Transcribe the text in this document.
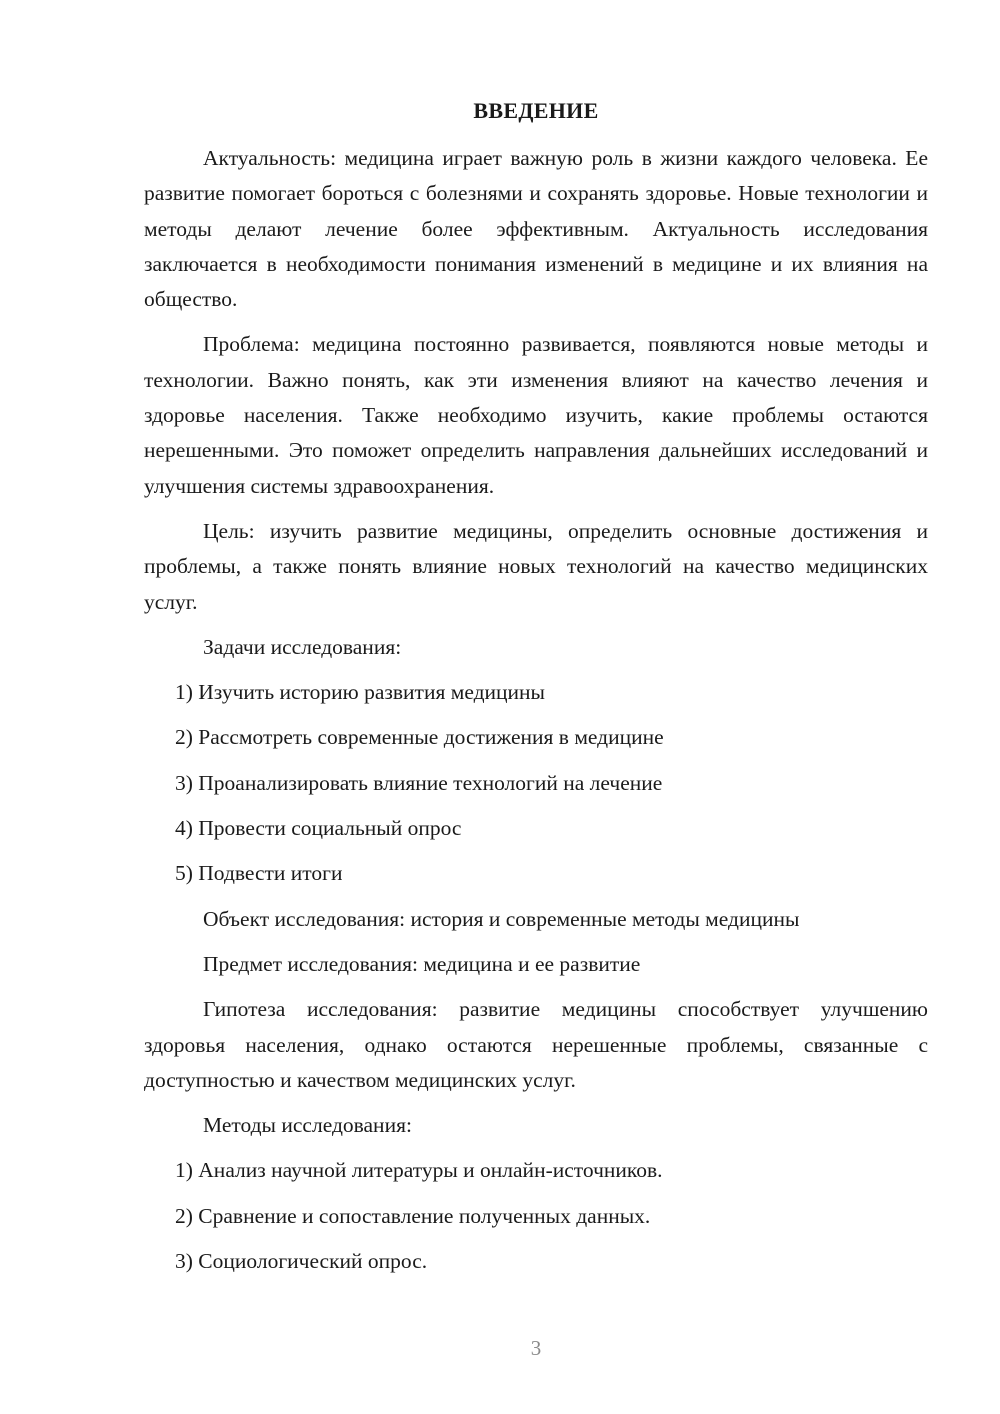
ВВЕДЕНИЕ

Актуальность: медицина играет важную роль в жизни каждого человека. Ее развитие помогает бороться с болезнями и сохранять здоровье. Новые технологии и методы делают лечение более эффективным. Актуальность исследования заключается в необходимости понимания изменений в медицине и их влияния на общество.

Проблема: медицина постоянно развивается, появляются новые методы и технологии. Важно понять, как эти изменения влияют на качество лечения и здоровье населения. Также необходимо изучить, какие проблемы остаются нерешенными. Это поможет определить направления дальнейших исследований и улучшения системы здравоохранения.

Цель: изучить развитие медицины, определить основные достижения и проблемы, а также понять влияние новых технологий на качество медицинских услуг.

Задачи исследования:
1) Изучить историю развития медицины
2) Рассмотреть современные достижения в медицине
3) Проанализировать влияние технологий на лечение
4) Провести социальный опрос
5) Подвести итоги
Объект исследования: история и современные методы медицины
Предмет исследования: медицина и ее развитие

Гипотеза исследования: развитие медицины способствует улучшению здоровья населения, однако остаются нерешенные проблемы, связанные с доступностью и качеством медицинских услуг.

Методы исследования:
1) Анализ научной литературы и онлайн-источников.
2) Сравнение и сопоставление полученных данных.
3) Социологический опрос.
3
